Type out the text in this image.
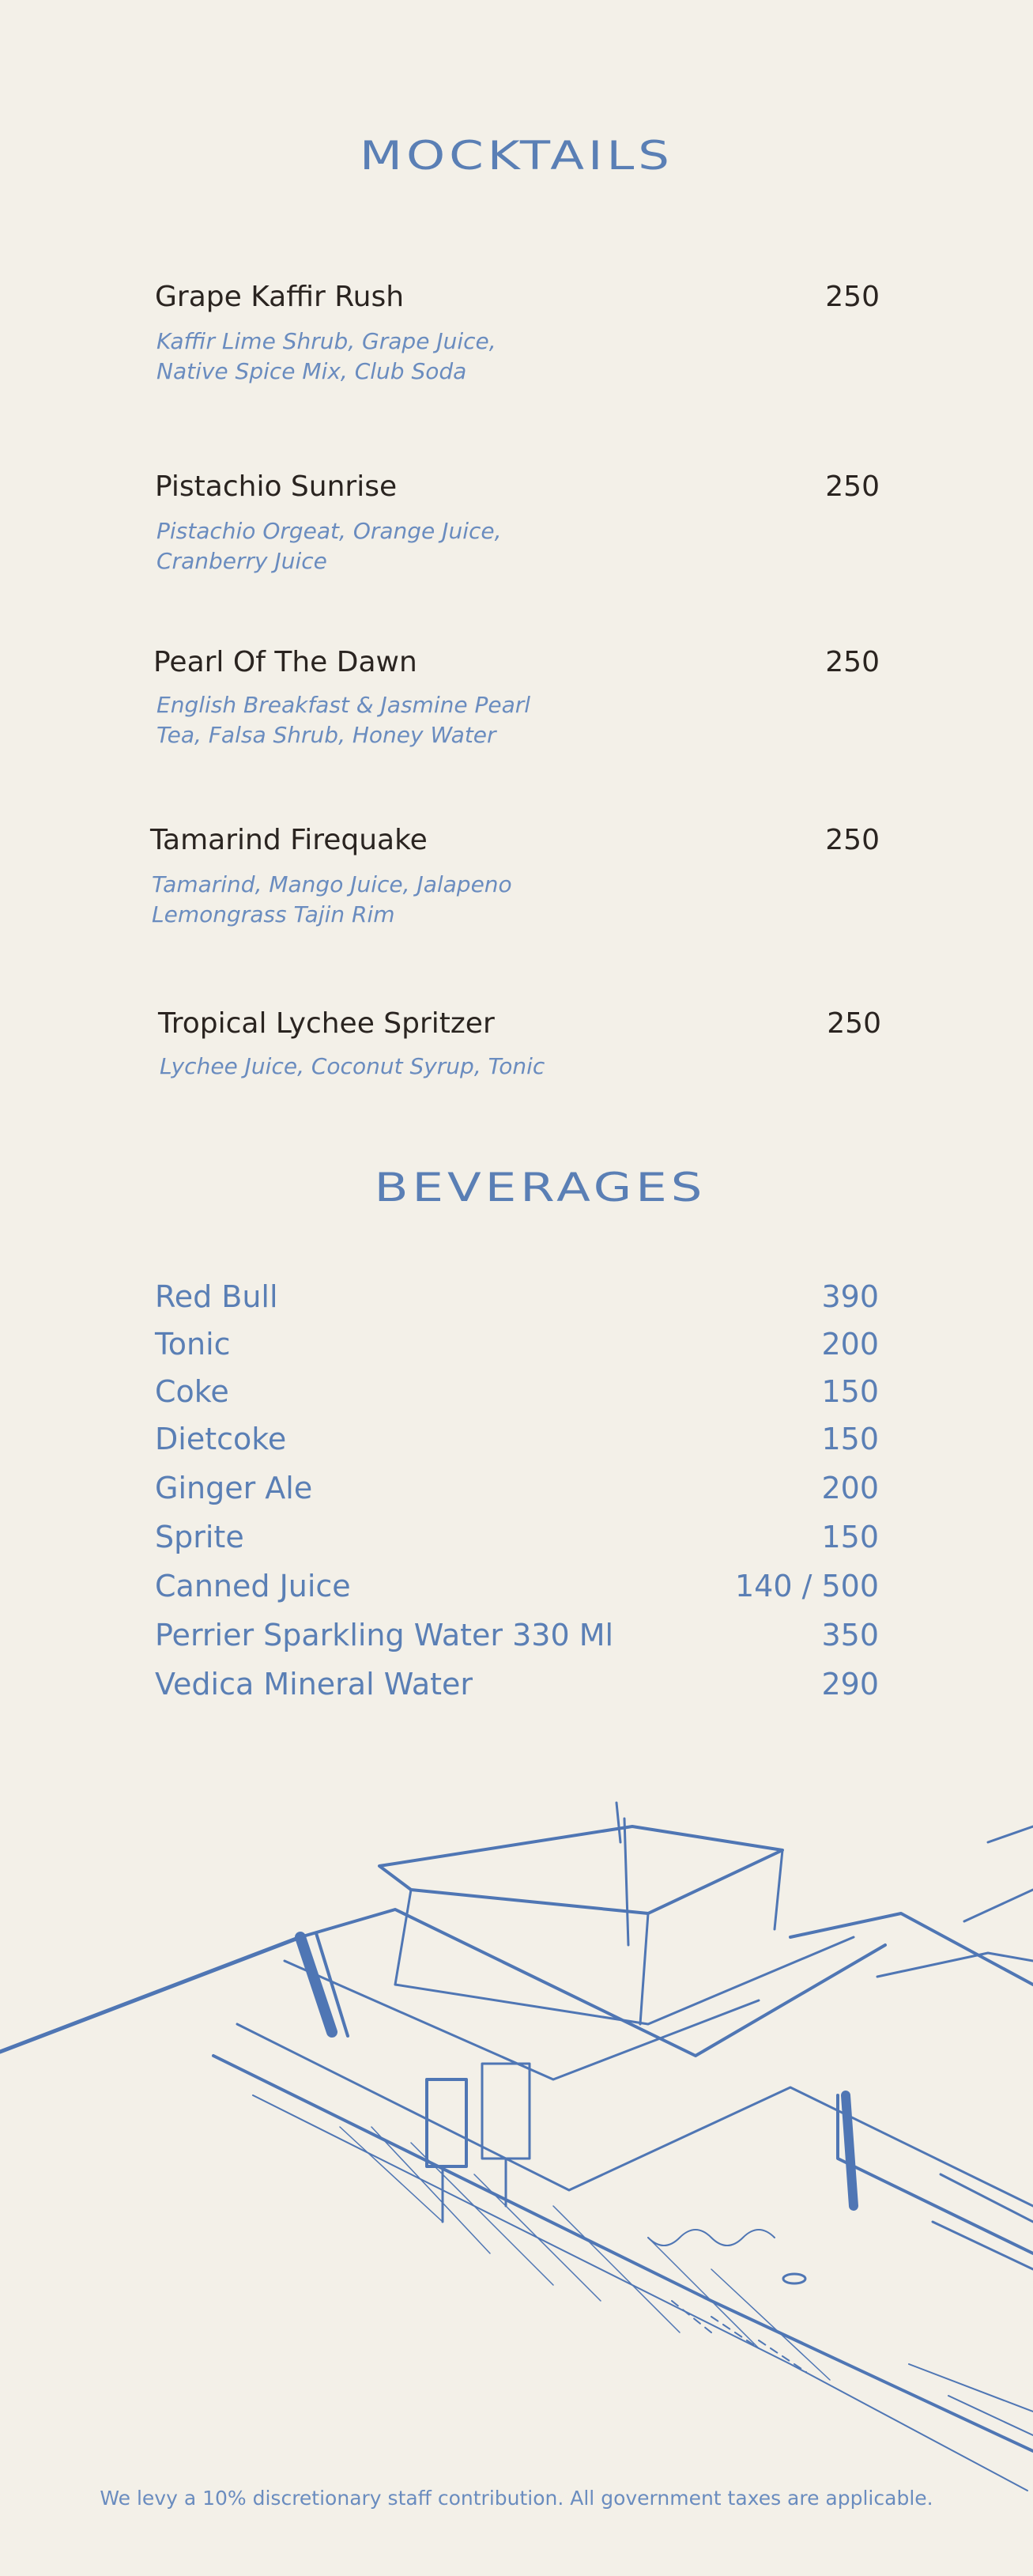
MOCKTAILS
Grape Kaffir Rush	250
Kaffir Lime Shrub, Grape Juice,
Native Spice Mix, Club Soda
Pistachio Sunrise	250
Pistachio Orgeat, Orange Juice,
Cranberry Juice
Pearl Of The Dawn	250
English Breakfast & Jasmine Pearl
Tea, Falsa Shrub, Honey Water
Tamarind Firequake	250
Tamarind, Mango Juice, Jalapeno
Lemongrass Tajin Rim
Tropical Lychee Spritzer	250
Lychee Juice, Coconut Syrup, Tonic
BEVERAGES
Red Bull	390
Tonic	200
Coke	150
Dietcoke	150
Ginger Ale	200
Sprite	150
Canned Juice	140 / 500
Perrier Sparkling Water 330 Ml	350
Vedica Mineral Water	290
We levy a 10% discretionary staff contribution. All government taxes are applicable.
